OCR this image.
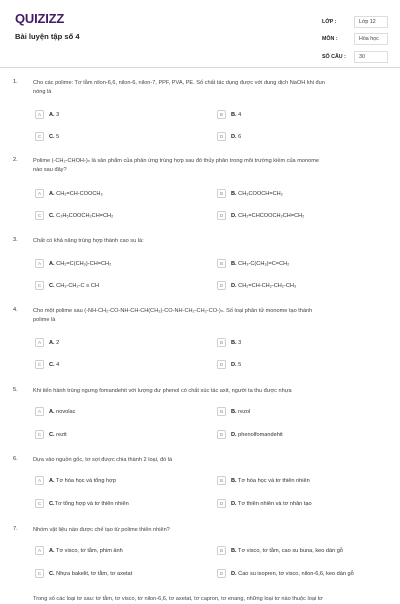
QUIZIZZ
Bài luyện tập số 4
LỚP :	Lớp 12
MÔN :	Hóa học
SỐ CÂU :	30
1.	Cho các polime: Tơ tằm nilon-6,6, nilon-6, nilon-7, PPF, PVA, PE. Số chất tác dụng được với dung dịch NaOH khi đun
nóng là
A	A. 3	B	B. 4
C	C. 5	D	D. 6
2.	Polime (-CH₂-CHOH-)ₙ là sản phẩm của phản ứng trùng hợp sau đó thủy phân trong môi trường kiềm của monome
nào sau đây?
A	A. CH₂=CH-COOCH₃	B	B. CH₃COOCH=CH₂
C	C. C₂H₅COOCH₂CH=CH₂	D	D. CH₂=CHCOOCH₂CH=CH₂
3.	Chất có khả năng trùng hợp thành cao su là:
A	A. CH₂=C(CH₃)-CH=CH₂	B	B. CH₃-C(CH₃)=C=CH₂
C	C. CH₃-CH₂-C ≡ CH	D	D. CH₂=CH-CH₂-CH₂-CH₃
4.	Cho một polime sau (-NH-CH₂-CO-NH-CH-CH(CH₃)-CO-NH-CH₂-CH₂-CO-)ₙ. Số loại phân tử monome tạo thành
polime là
A	A. 2	B	B. 3
C	C. 4	D	D. 5
5.	Khi tiến hành trùng ngưng fomandehit với lượng dư phenol có chất xúc tác axit, người ta thu được nhựa
A	A. novolac	B	B. rezol
C	C. rezit	D	D. phenolfomandehit
6.	Dựa vào nguồn gốc, tơ sợi được chia thành 2 loại, đó là
A	A. Tơ hóa học và tổng hợp	B	B. Tơ hóa học và tơ thiên nhiên
C	C.Tơ tổng hợp và tơ thiên nhiên	D	D. Tơ thiên nhiên và tơ nhân tạo
7.	Nhóm vật liệu nào được chế tạo từ polime thiên nhiên?
A	A. Tơ visco, tơ tằm, phim ảnh	B	B. Tơ visco, tơ tằm, cao su buna, keo dán gỗ
C	C. Nhựa bakelit, tơ tằm, tơ axetat	D	D. Cao su isopren, tơ visco, nilon-6,6, keo dán gỗ
Trong số các loại tơ sau: tơ tằm, tơ visco, tơ nilon-6,6, tơ axetat, tơ capron, tơ enang, những loại tơ nào thuộc loại tơ
